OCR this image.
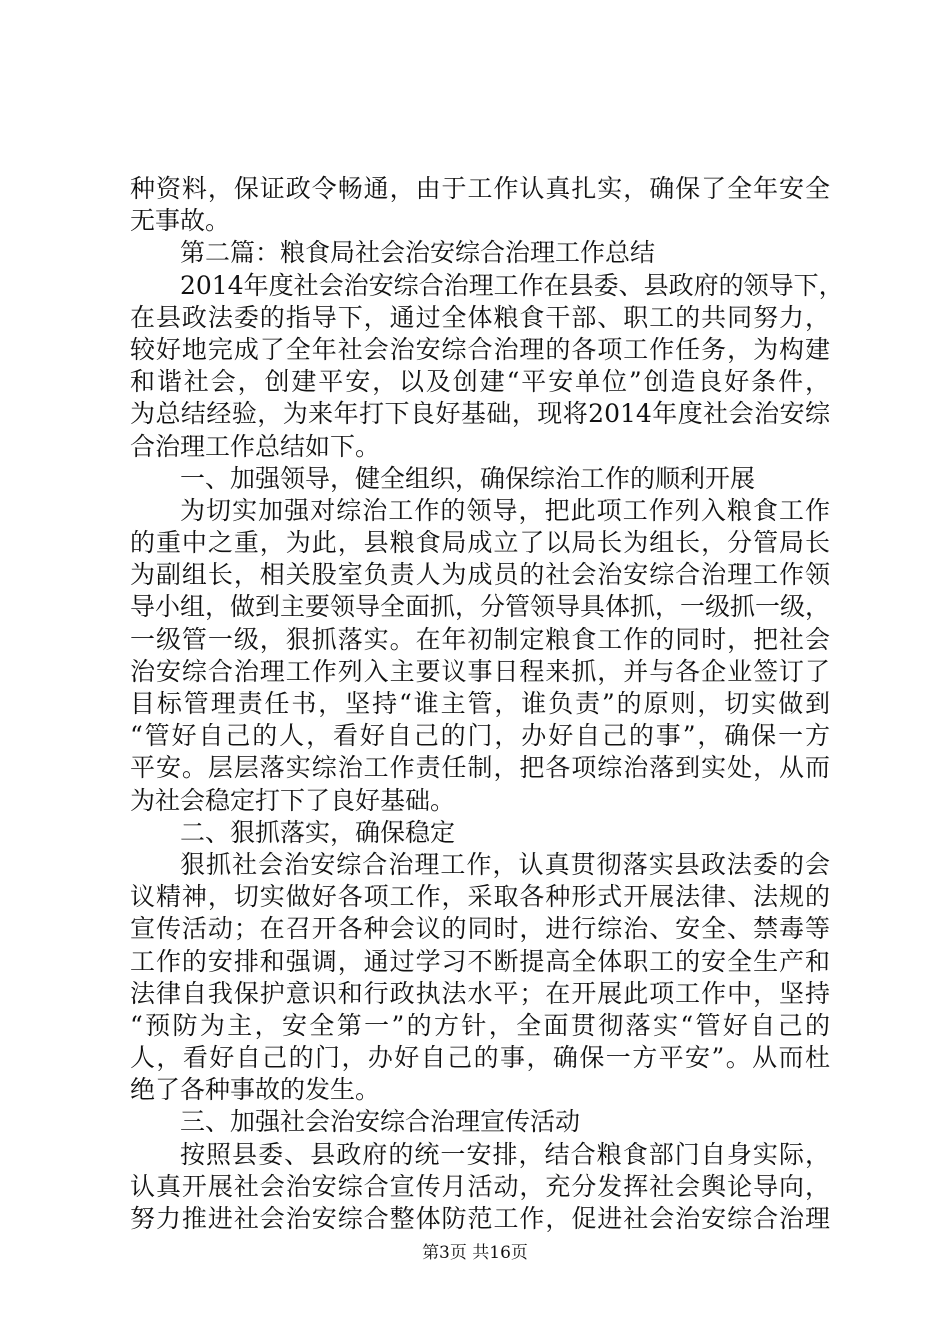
种资料，保证政令畅通，由于工作认真扎实，确保了全年安全
无事故。
第二篇：粮食局社会治安综合治理工作总结
2014年度社会治安综合治理工作在县委、县政府的领导下，
在县政法委的指导下，通过全体粮食干部、职工的共同努力，
较好地完成了全年社会治安综合治理的各项工作任务，为构建
和谐社会，创建平安，以及创建“平安单位”创造良好条件，
为总结经验，为来年打下良好基础，现将2014年度社会治安综
合治理工作总结如下。
一、加强领导，健全组织，确保综治工作的顺利开展
为切实加强对综治工作的领导，把此项工作列入粮食工作
的重中之重，为此，县粮食局成立了以局长为组长，分管局长
为副组长，相关股室负责人为成员的社会治安综合治理工作领
导小组，做到主要领导全面抓，分管领导具体抓，一级抓一级，
一级管一级，狠抓落实。在年初制定粮食工作的同时，把社会
治安综合治理工作列入主要议事日程来抓，并与各企业签订了
目标管理责任书，坚持“谁主管，谁负责”的原则，切实做到
“管好自己的人，看好自己的门，办好自己的事”，确保一方
平安。层层落实综治工作责任制，把各项综治落到实处，从而
为社会稳定打下了良好基础。
二、狠抓落实，确保稳定
狠抓社会治安综合治理工作，认真贯彻落实县政法委的会
议精神，切实做好各项工作，采取各种形式开展法律、法规的
宣传活动；在召开各种会议的同时，进行综治、安全、禁毒等
工作的安排和强调，通过学习不断提高全体职工的安全生产和
法律自我保护意识和行政执法水平；在开展此项工作中，坚持
“预防为主，安全第一”的方针，全面贯彻落实“管好自己的
人，看好自己的门，办好自己的事，确保一方平安”。从而杜
绝了各种事故的发生。
三、加强社会治安综合治理宣传活动
按照县委、县政府的统一安排，结合粮食部门自身实际，
认真开展社会治安综合宣传月活动，充分发挥社会舆论导向，
努力推进社会治安综合整体防范工作，促进社会治安综合治理
第3页 共16页
